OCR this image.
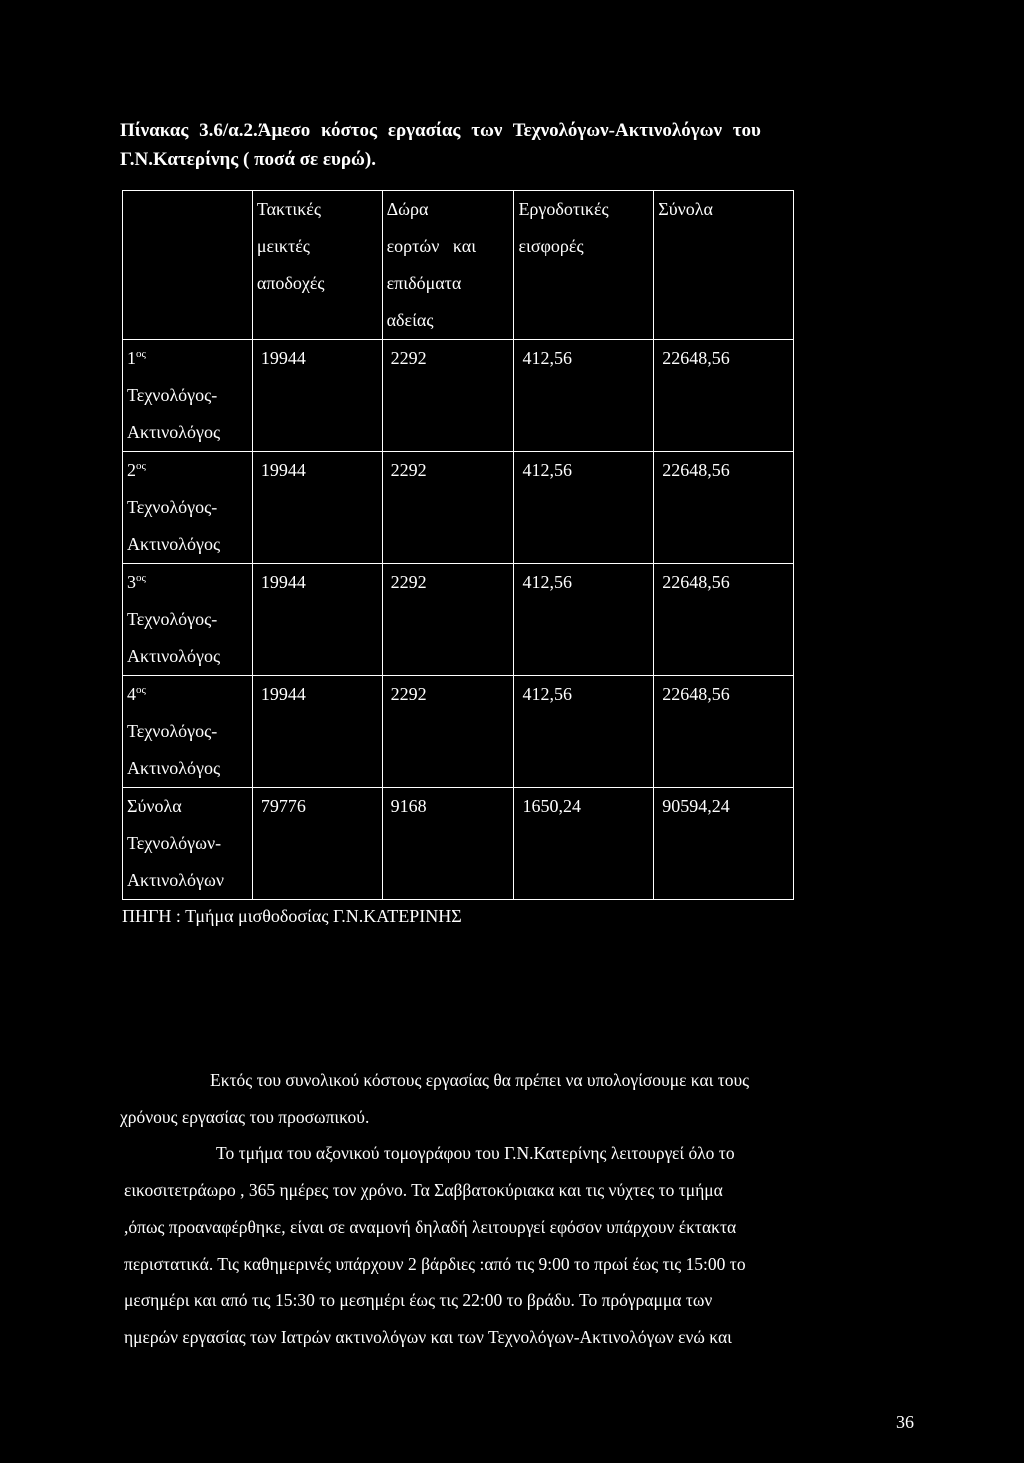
Πίνακας 3.6/α.2.Άμεσο κόστος εργασίας των Τεχνολόγων-Ακτινολόγων του
Γ.Ν.Κατερίνης ( ποσά σε ευρώ).

	Τακτικές
μεικτές
αποδοχές	Δώρα
εορτών   και
επιδόματα
αδείας	Εργοδοτικές
εισφορές	Σύνολα

$1^{o\varsigma}$
Τεχνολόγος-
Ακτινολόγος	19944	2292	412,56	22648,56

$2^{o\varsigma}$
Τεχνολόγος-
Ακτινολόγος	19944	2292	412,56	22648,56

$3^{o\varsigma}$
Τεχνολόγος-
Ακτινολόγος	19944	2292	412,56	22648,56

$4^{o\varsigma}$
Τεχνολόγος-
Ακτινολόγος	19944	2292	412,56	22648,56

Σύνολα
Τεχνολόγων-
Ακτινολόγων	79776	9168	1650,24	90594,24
ΠΗΓΗ : Τμήμα μισθοδοσίας Γ.Ν.ΚΑΤΕΡΙΝΗΣ
Εκτός του συνολικού κόστους εργασίας θα πρέπει να υπολογίσουμε και τους
χρόνους εργασίας του προσωπικού.
Το τμήμα του αξονικού τομογράφου του Γ.Ν.Κατερίνης λειτουργεί όλο το
εικοσιτετράωρο , 365 ημέρες τον χρόνο. Τα Σαββατοκύριακα και τις νύχτες το τμήμα
,όπως προαναφέρθηκε, είναι σε αναμονή δηλαδή λειτουργεί εφόσον υπάρχουν έκτακτα
περιστατικά. Τις καθημερινές υπάρχουν 2 βάρδιες :από τις 9:00 το πρωί έως τις 15:00 το
μεσημέρι και από τις 15:30 το μεσημέρι έως τις 22:00 το βράδυ. Το πρόγραμμα των
ημερών εργασίας των Ιατρών ακτινολόγων και των Τεχνολόγων-Ακτινολόγων ενώ και
36
